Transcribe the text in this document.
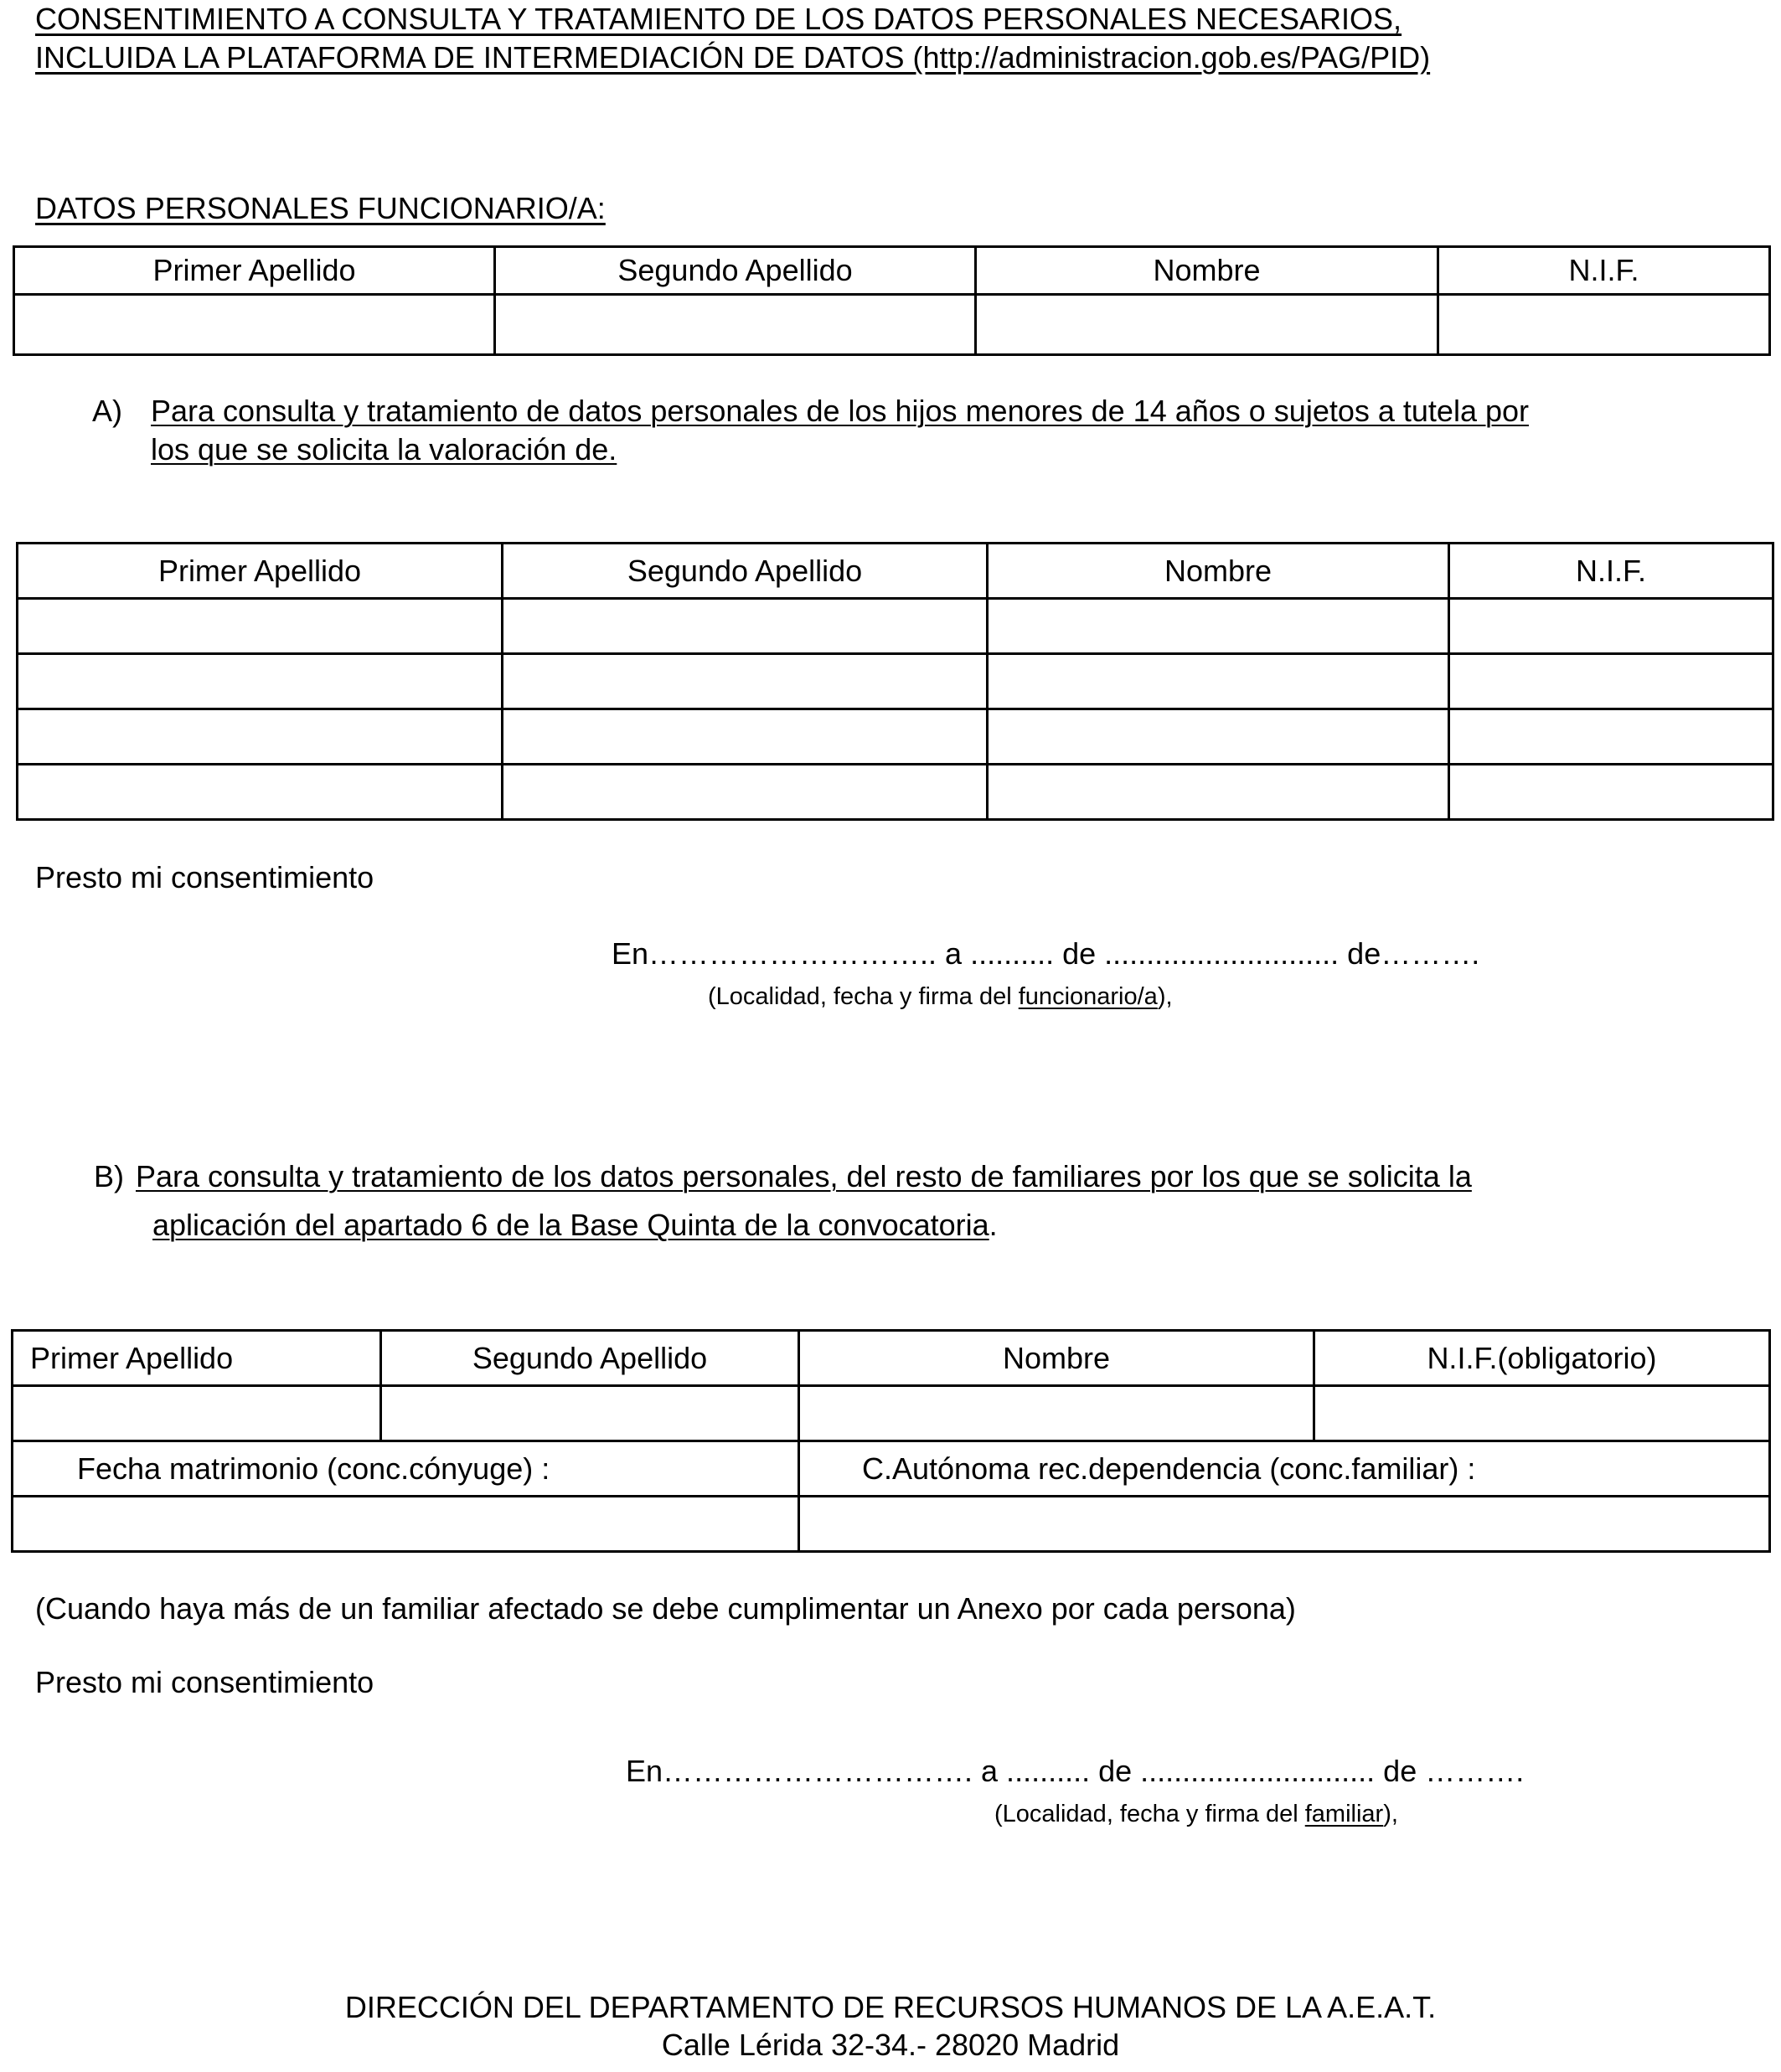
CONSENTIMIENTO A CONSULTA Y TRATAMIENTO DE LOS DATOS PERSONALES NECESARIOS,
INCLUIDA LA PLATAFORMA DE INTERMEDIACIÓN DE DATOS (http://administracion.gob.es/PAG/PID)
DATOS PERSONALES FUNCIONARIO/A:
Primer Apellido	Segundo Apellido	Nombre	N.I.F.

A) Para consulta y tratamiento de datos personales de los hijos menores de 14 años o sujetos a tutela por
los que se solicita la valoración de.
Primer Apellido	Segundo Apellido	Nombre	N.I.F.

Presto mi consentimiento
En……………………….. a .......... de ............................ de……….
(Localidad, fecha y firma del funcionario/a),
B) Para consulta y tratamiento de los datos personales, del resto de familiares por los que se solicita la
aplicación del apartado 6 de la Base Quinta de la convocatoria.
Primer Apellido	Segundo Apellido	Nombre	N.I.F.(obligatorio)

Fecha matrimonio (conc.cónyuge) :		C.Autónoma rec.dependencia (conc.familiar) :	

(Cuando haya más de un familiar afectado se debe cumplimentar un Anexo por cada persona)
Presto mi consentimiento
En…………………………. a .......... de ............................ de ……….
(Localidad, fecha y firma del familiar),
DIRECCIÓN DEL DEPARTAMENTO DE RECURSOS HUMANOS DE LA A.E.A.T.
Calle Lérida 32-34.- 28020 Madrid
